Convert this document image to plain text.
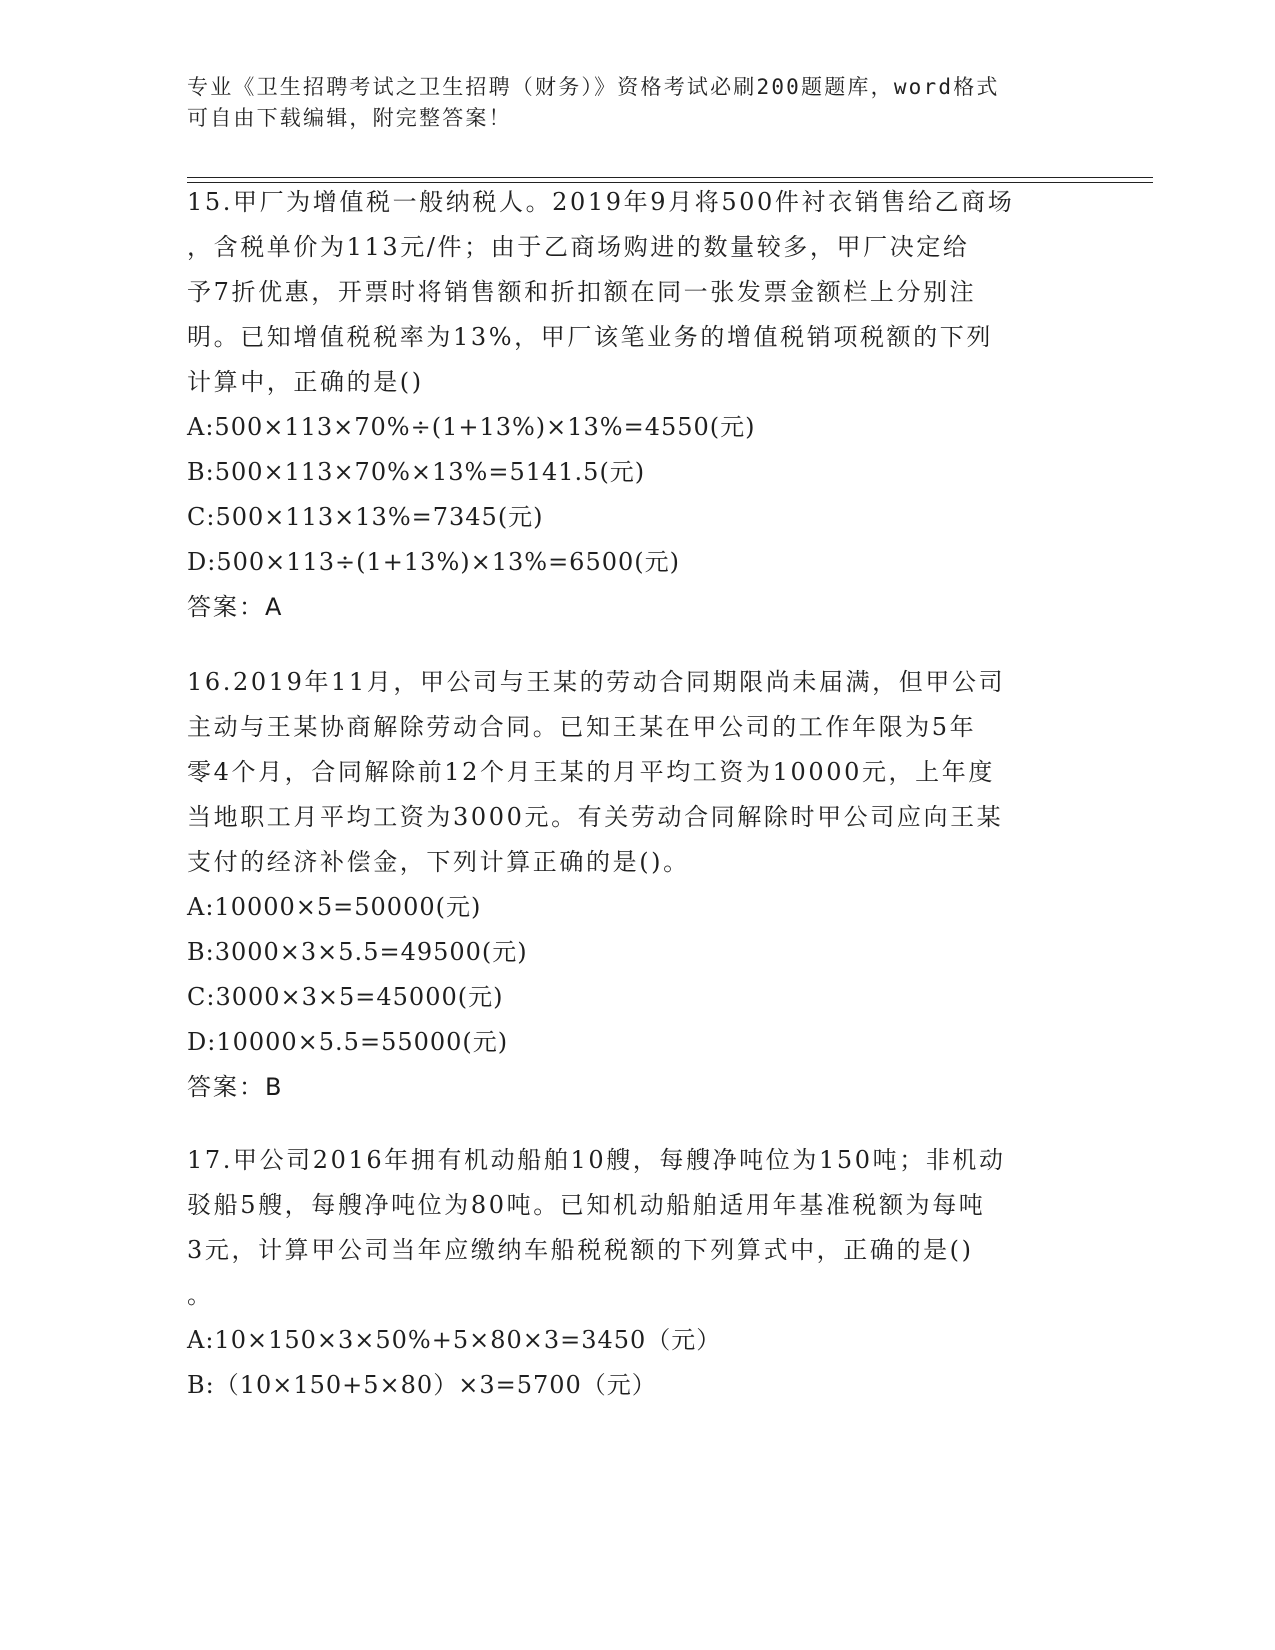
专业《卫生招聘考试之卫生招聘（财务）》资格考试必刷200题题库，word格式
可自由下载编辑，附完整答案！

15.甲厂为增值税一般纳税人。2019年9月将500件衬衣销售给乙商场

，含税单价为113元/件；由于乙商场购进的数量较多，甲厂决定给

予7折优惠，开票时将销售额和折扣额在同一张发票金额栏上分别注

明。已知增值税税率为13%，甲厂该笔业务的增值税销项税额的下列

计算中，正确的是()

A:500×113×70%÷(1+13%)×13%=4550(元)

B:500×113×70%×13%=5141.5(元)

C:500×113×13%=7345(元)

D:500×113÷(1+13%)×13%=6500(元)

答案：A

16.2019年11月，甲公司与王某的劳动合同期限尚未届满，但甲公司

主动与王某协商解除劳动合同。已知王某在甲公司的工作年限为5年

零4个月，合同解除前12个月王某的月平均工资为10000元，上年度

当地职工月平均工资为3000元。有关劳动合同解除时甲公司应向王某

支付的经济补偿金，下列计算正确的是()。

A:10000×5=50000(元)

B:3000×3×5.5=49500(元)

C:3000×3×5=45000(元)

D:10000×5.5=55000(元)

答案：B

17.甲公司2016年拥有机动船舶10艘，每艘净吨位为150吨；非机动

驳船5艘，每艘净吨位为80吨。已知机动船舶适用年基准税额为每吨

3元，计算甲公司当年应缴纳车船税税额的下列算式中，正确的是()

。

A:10×150×3×50%+5×80×3=3450（元）

B:（10×150+5×80）×3=5700（元）
